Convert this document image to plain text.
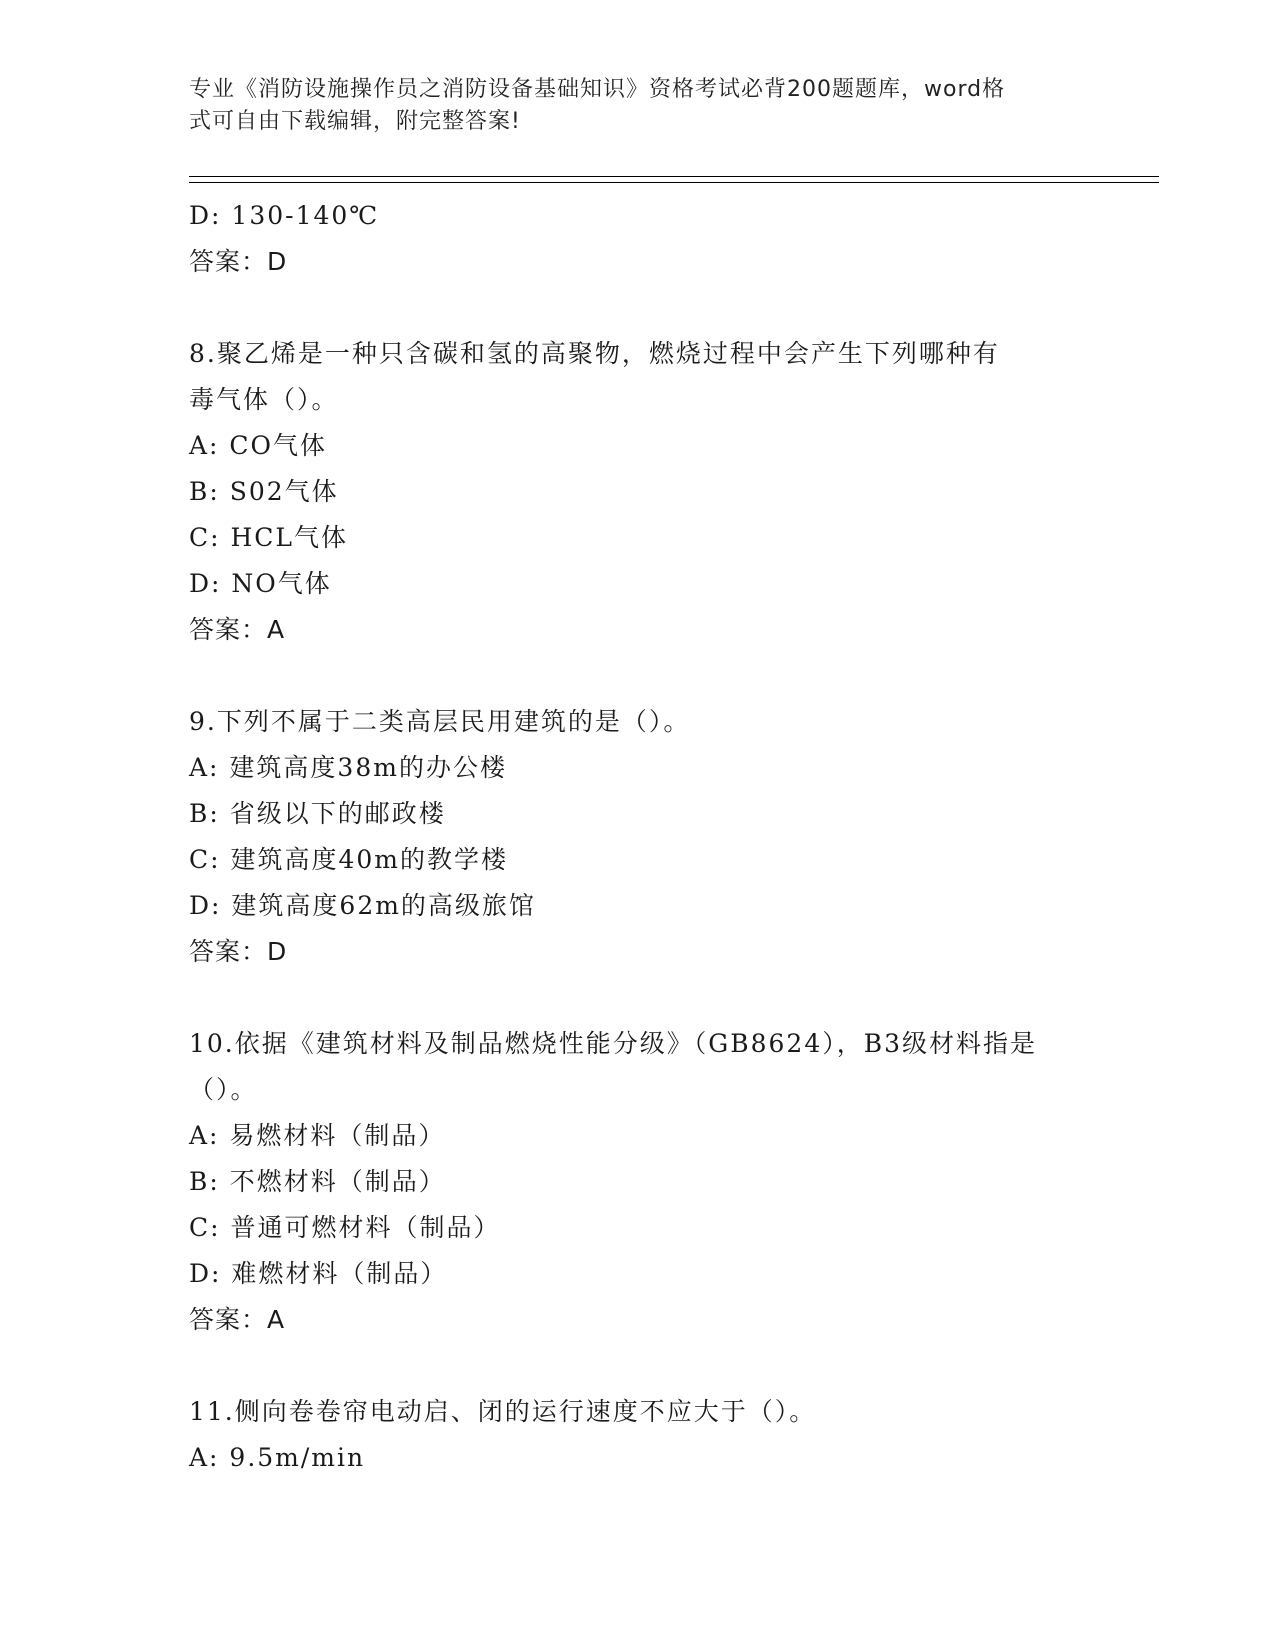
专业《消防设施操作员之消防设备基础知识》资格考试必背200题题库，word格
式可自由下载编辑，附完整答案!
D: 130-140℃
答案：D
8.聚乙烯是一种只含碳和氢的高聚物，燃烧过程中会产生下列哪种有
毒气体（）。
A: CO气体
B: S02气体
C: HCL气体
D: NO气体
答案：A
9.下列不属于二类高层民用建筑的是（）。
A: 建筑高度38m的办公楼
B: 省级以下的邮政楼
C: 建筑高度40m的教学楼
D: 建筑高度62m的高级旅馆
答案：D
10.依据《建筑材料及制品燃烧性能分级》（GB8624），B3级材料指是
（）。
A: 易燃材料（制品）
B: 不燃材料（制品）
C: 普通可燃材料（制品）
D: 难燃材料（制品）
答案：A
11.侧向卷卷帘电动启、闭的运行速度不应大于（）。
A: 9.5m/min
